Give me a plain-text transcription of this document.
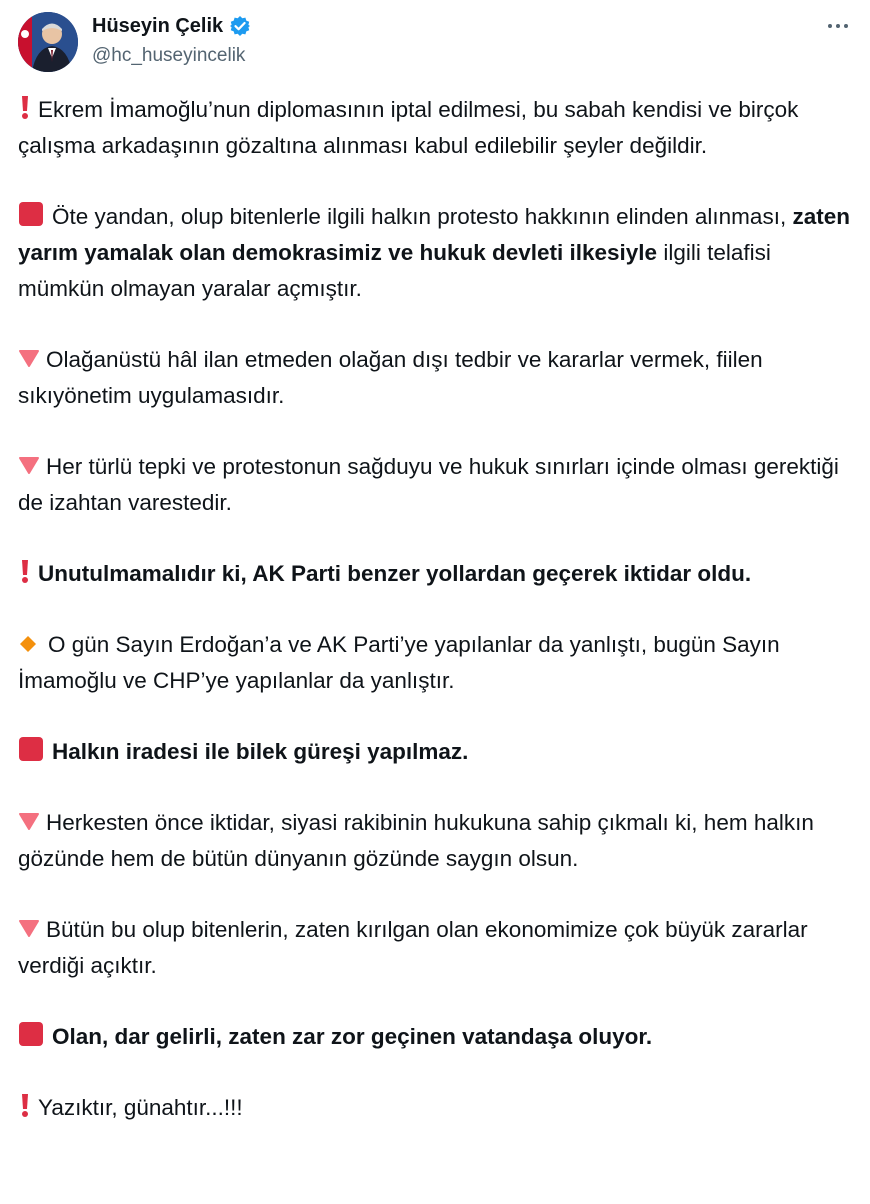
Hüseyin Çelik
@hc_huseyincelik

Ekrem İmamoğlu’nun diplomasının iptal edilmesi, bu sabah kendisi ve birçok çalışma arkadaşının gözaltına alınması kabul edilebilir şeyler değildir.

Öte yandan, olup bitenlerle ilgili halkın protesto hakkının elinden alınması, zaten yarım yamalak olan demokrasimiz ve hukuk devleti ilkesiyle ilgili telafisi mümkün olmayan yaralar açmıştır.

Olağanüstü hâl ilan etmeden olağan dışı tedbir ve kararlar vermek, fiilen sıkıyönetim uygulamasıdır.

Her türlü tepki ve protestonun sağduyu ve hukuk sınırları içinde olması gerektiği de izahtan varestedir.

Unutulmamalıdır ki, AK Parti benzer yollardan geçerek iktidar oldu.

O gün Sayın Erdoğan’a ve AK Parti’ye yapılanlar da yanlıştı, bugün Sayın İmamoğlu ve CHP’ye yapılanlar da yanlıştır.

Halkın iradesi ile bilek güreşi yapılmaz.

Herkesten önce iktidar, siyasi rakibinin hukukuna sahip çıkmalı ki, hem halkın gözünde hem de bütün dünyanın gözünde saygın olsun.

Bütün bu olup bitenlerin, zaten kırılgan olan ekonomimize çok büyük zararlar verdiği açıktır.

Olan, dar gelirli, zaten zar zor geçinen vatandaşa oluyor.

Yazıktır, günahtır...!!!
